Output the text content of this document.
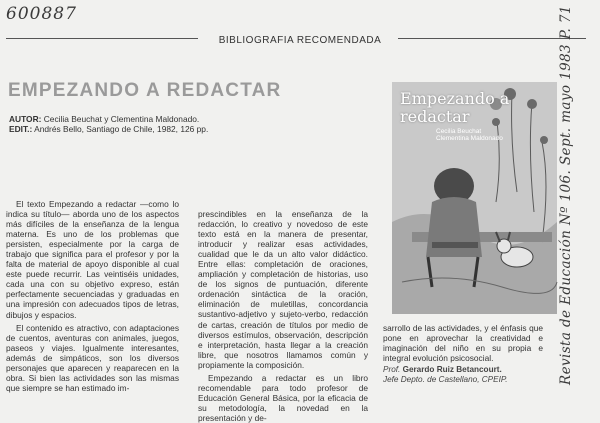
600887
BIBLIOGRAFIA RECOMENDADA
EMPEZANDO A REDACTAR
AUTOR: Cecilia Beuchat y Clementina Maldonado.
EDIT.: Andrés Bello, Santiago de Chile, 1982, 126 pp.
Empezando a redactar
Cecilia Beuchat
Clementina Maldonado

El texto Empezando a redactar —como lo indica su título— aborda uno de los aspectos más difíciles de la enseñanza de la lengua materna. Es uno de los problemas que persisten, especialmente por la carga de trabajo que significa para el profesor y por la falta de material de apoyo disponible al cual este puede recurrir. Las veintiséis unidades, cada una con su objetivo expreso, están perfectamente secuenciadas y graduadas en una impresión con adecuados tipos de letras, dibujos y espacios.

El contenido es atractivo, con adaptaciones de cuentos, aventuras con animales, juegos, paseos y viajes. Igualmente interesantes, además de simpáticos, son los diversos personajes que aparecen y reaparecen en la obra. Si bien las actividades son las mismas que siempre se han estimado im-

prescindibles en la enseñanza de la redacción, lo creativo y novedoso de este texto está en la manera de presentar, introducir y realizar esas actividades, cualidad que le da un alto valor didáctico. Entre ellas: completación de oraciones, ampliación y completación de historias, uso de los signos de puntuación, diferente ordenación sintáctica de la oración, eliminación de muletillas, concordancia sustantivo-adjetivo y sujeto-verbo, redacción de cartas, creación de títulos por medio de diversos estímulos, observación, descripción e interpretación, hasta llegar a la creación libre, que nosotros llamamos común y propiamente la composición.

Empezando a redactar es un libro recomendable para todo profesor de Educación General Básica, por la eficacia de su metodología, la novedad en la presentación y de-

sarrollo de las actividades, y el énfasis que pone en aprovechar la creatividad e imaginación del niño en su propia e integral evolución psicosocial.

Prof. Gerardo Ruiz Betancourt.
Jefe Depto. de Castellano, CPEIP.	Revista de Educación Nº 106. Sept. mayo 1983 P. 71
